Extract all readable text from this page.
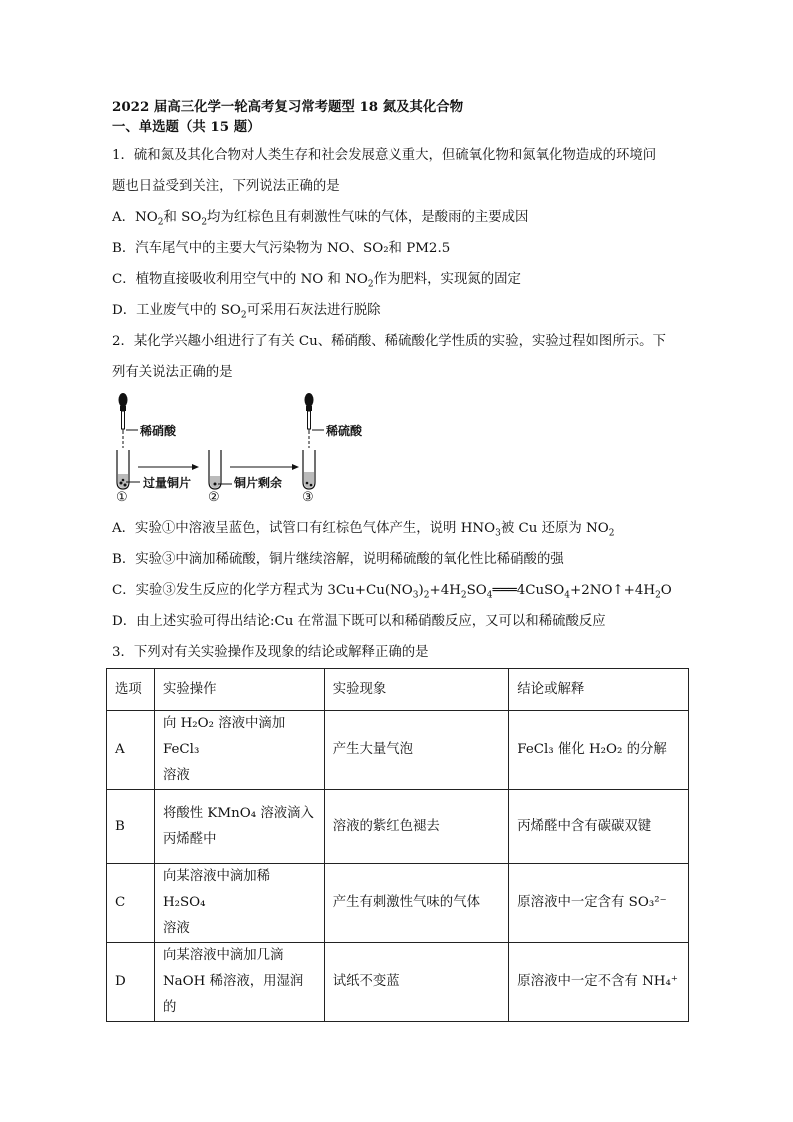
2022 届高三化学一轮高考复习常考题型 18 氮及其化合物
一、单选题（共 15 题）
1．硫和氮及其化合物对人类生存和社会发展意义重大，但硫氧化物和氮氧化物造成的环境问
题也日益受到关注，下列说法正确的是
A．$NO_2$和 $SO_2$均为红棕色且有刺激性气味的气体，是酸雨的主要成因
B．汽车尾气中的主要大气污染物为 NO、SO₂和 PM2.5
C．植物直接吸收利用空气中的 NO 和 $NO_2$作为肥料，实现氮的固定
D．工业废气中的 $SO_2$可采用石灰法进行脱除
2．某化学兴趣小组进行了有关 Cu、稀硝酸、稀硫酸化学性质的实验，实验过程如图所示。下
列有关说法正确的是
稀硝酸	稀硫酸
过量铜片	铜片剩余
①	②	③
A．实验①中溶液呈蓝色，试管口有红棕色气体产生，说明 $HNO_3$被 Cu 还原为 $NO_2$
B．实验③中滴加稀硫酸，铜片继续溶解，说明稀硫酸的氧化性比稀硝酸的强
C．实验③发生反应的化学方程式为 $3Cu+Cu(NO_3)_2+4H_2SO_4═══4CuSO_4+2NO↑+4H_2O$
D．由上述实验可得出结论:Cu 在常温下既可以和稀硝酸反应，又可以和稀硫酸反应
3．下列对有关实验操作及现象的结论或解释正确的是
选项	实验操作	实验现象	结论或解释
A	向 H₂O₂ 溶液中滴加 FeCl₃
溶液	产生大量气泡	FeCl₃ 催化 H₂O₂ 的分解
B	将酸性 KMnO₄ 溶液滴入
丙烯醛中	溶液的紫红色褪去	丙烯醛中含有碳碳双键
C	向某溶液中滴加稀 H₂SO₄
溶液	产生有刺激性气味的气体	原溶液中一定含有 SO₃²⁻
D	向某溶液中滴加几滴
NaOH 稀溶液，用湿润的	试纸不变蓝	原溶液中一定不含有 NH₄⁺
